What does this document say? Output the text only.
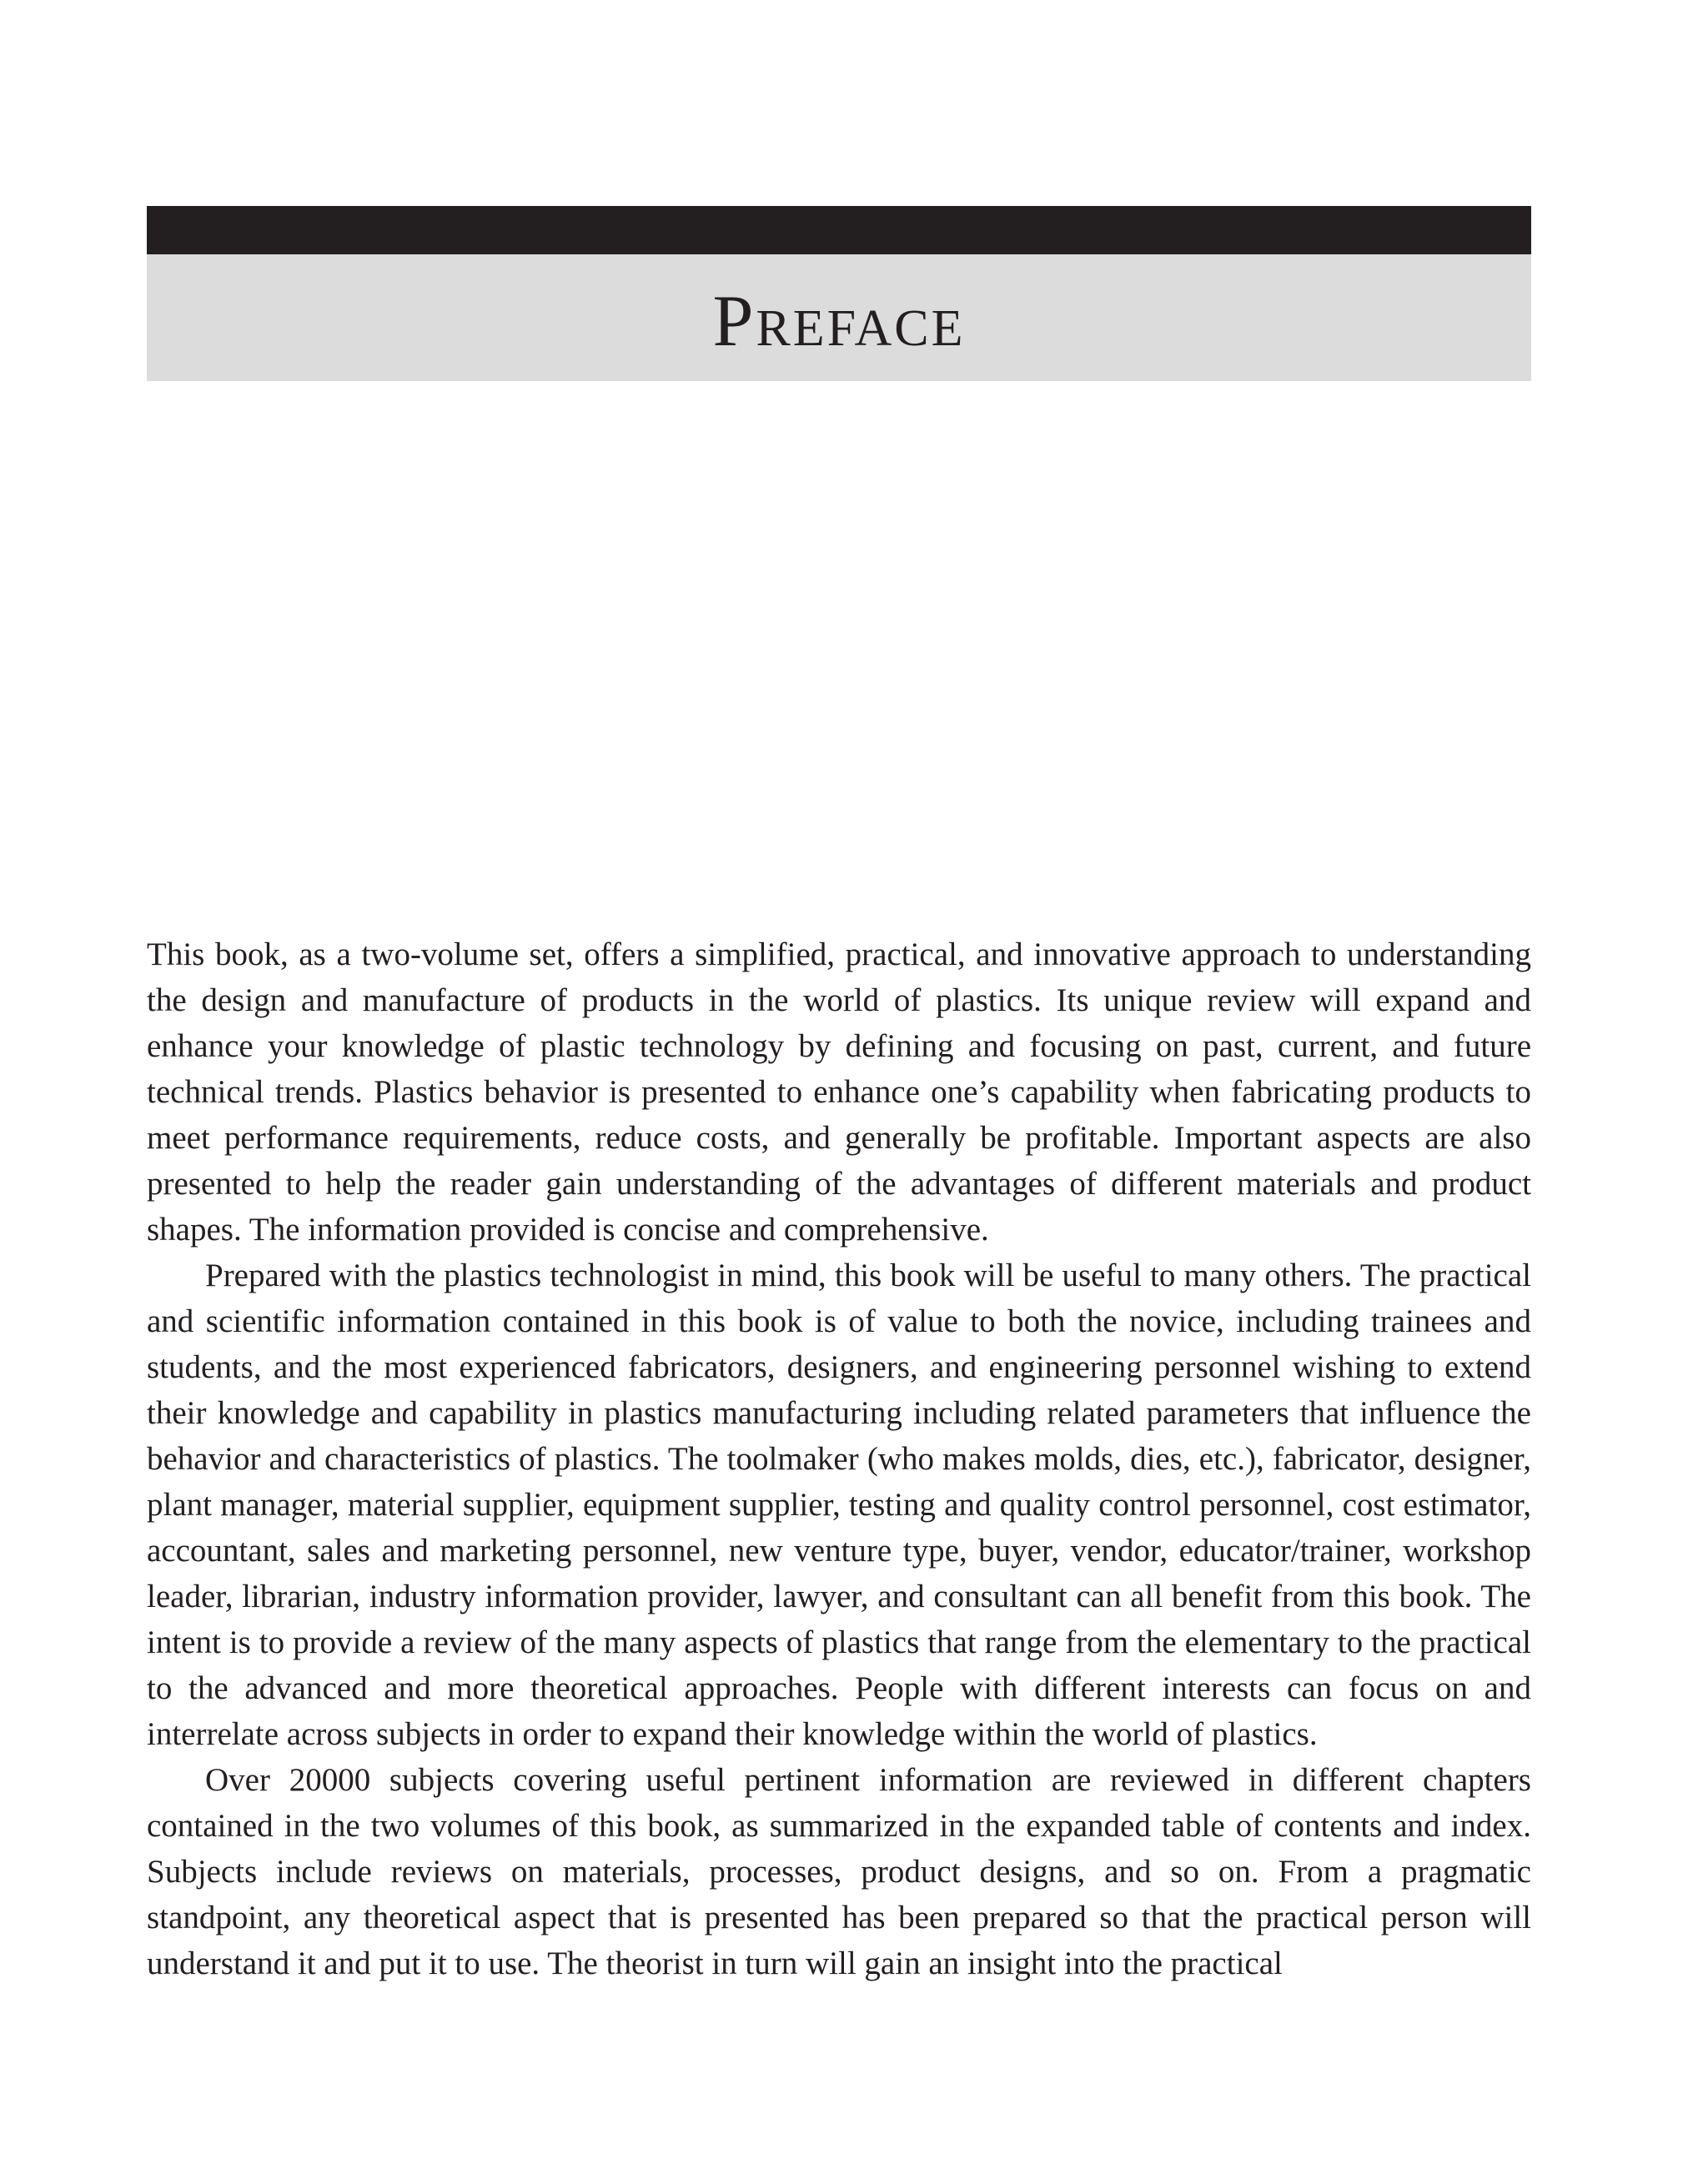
Preface

This book, as a two-volume set, offers a simplified, practical, and innovative approach to understanding the design and manufacture of products in the world of plastics. Its unique review will expand and enhance your knowledge of plastic technology by defining and focusing on past, current, and future technical trends. Plastics behavior is presented to enhance one’s capability when fabricating products to meet performance requirements, reduce costs, and generally be profitable. Important aspects are also presented to help the reader gain understanding of the advantages of different materials and product shapes. The information provided is concise and comprehensive.

Prepared with the plastics technologist in mind, this book will be useful to many others. The practical and scientific information contained in this book is of value to both the novice, including trainees and students, and the most experienced fabricators, designers, and engineering personnel wishing to extend their knowledge and capability in plastics manufacturing including related parameters that influence the behavior and characteristics of plastics. The toolmaker (who makes molds, dies, etc.), fabricator, designer, plant manager, material supplier, equipment supplier, testing and quality control personnel, cost estimator, accountant, sales and marketing personnel, new venture type, buyer, vendor, educator/trainer, workshop leader, librarian, industry information provider, lawyer, and consultant can all benefit from this book. The intent is to provide a review of the many aspects of plastics that range from the elementary to the practical to the advanced and more theoretical approaches. People with different interests can focus on and interrelate across subjects in order to expand their knowledge within the world of plastics.

Over 20000 subjects covering useful pertinent information are reviewed in different chapters contained in the two volumes of this book, as summarized in the expanded table of contents and index. Subjects include reviews on materials, processes, product designs, and so on. From a pragmatic standpoint, any theoretical aspect that is presented has been prepared so that the practical person will understand it and put it to use. The theorist in turn will gain an insight into the practical
